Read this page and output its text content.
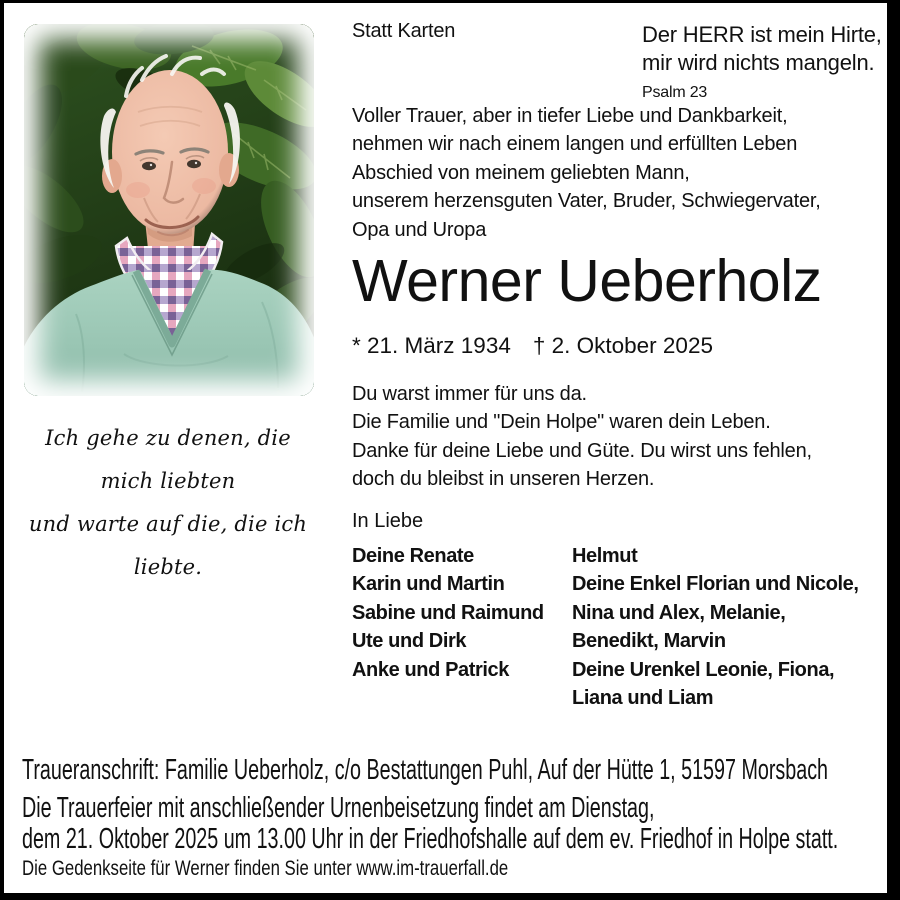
Statt Karten	Der HERR ist mein Hirte,
mir wird nichts mangeln.
Psalm 23
Voller Trauer, aber in tiefer Liebe und Dankbarkeit,
nehmen wir nach einem langen und erfüllten Leben
Abschied von meinem geliebten Mann,
unserem herzensguten Vater, Bruder, Schwiegervater,
Opa und Uropa
Werner Ueberholz
* 21. März 1934 † 2. Oktober 2025
Du warst immer für uns da.
Die Familie und "Dein Holpe" waren dein Leben.
Danke für deine Liebe und Güte. Du wirst uns fehlen,
doch du bleibst in unseren Herzen.
In Liebe
Deine Renate
Karin und Martin
Sabine und Raimund
Ute und Dirk
Anke und Patrick
Helmut
Deine Enkel Florian und Nicole,
Nina und Alex, Melanie,
Benedikt, Marvin
Deine Urenkel Leonie, Fiona,
Liana und Liam
Ich gehe zu denen, die mich liebten
und warte auf die, die ich liebte.
Traueranschrift: Familie Ueberholz, c/o Bestattungen Puhl, Auf der Hütte 1, 51597 Morsbach
Die Trauerfeier mit anschließender Urnenbeisetzung findet am Dienstag,
dem 21. Oktober 2025 um 13.00 Uhr in der Friedhofshalle auf dem ev. Friedhof in Holpe statt.
Die Gedenkseite für Werner finden Sie unter www.im-trauerfall.de
